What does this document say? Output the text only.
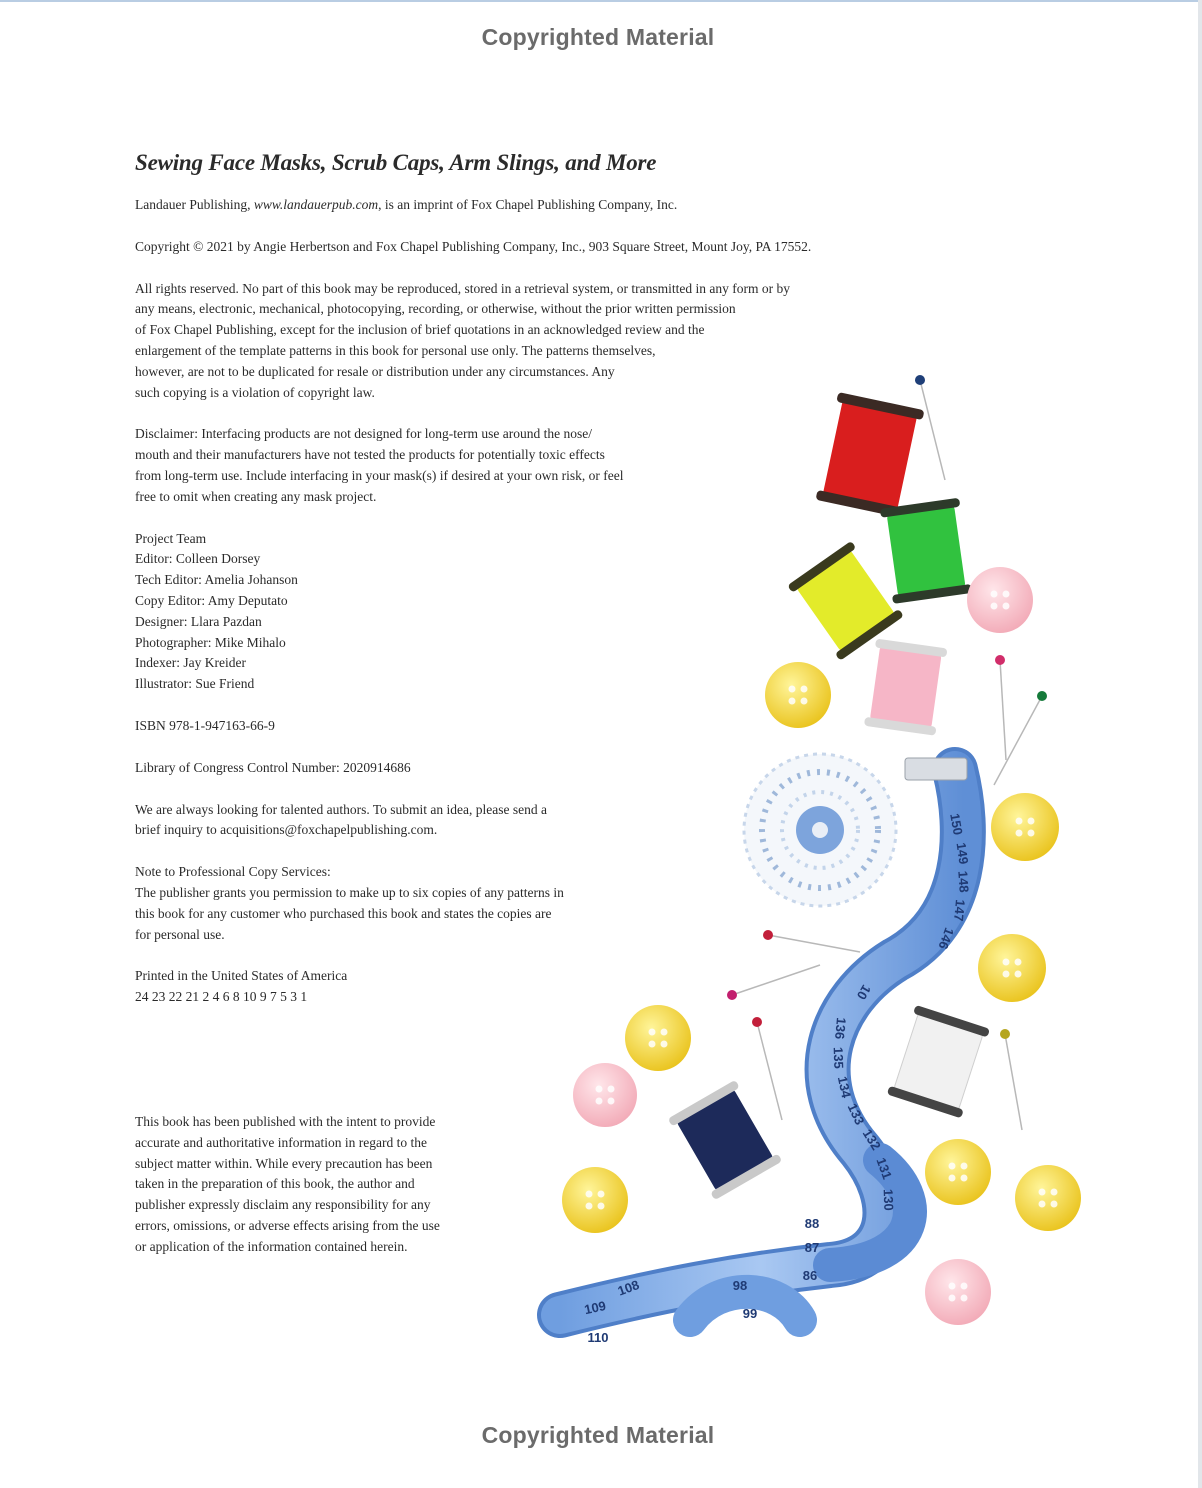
Copyrighted Material
Sewing Face Masks, Scrub Caps, Arm Slings, and More
Landauer Publishing, www.landauerpub.com, is an imprint of Fox Chapel Publishing Company, Inc.
Copyright © 2021 by Angie Herbertson and Fox Chapel Publishing Company, Inc., 903 Square Street, Mount Joy, PA 17552.
All rights reserved. No part of this book may be reproduced, stored in a retrieval system, or transmitted in any form or by
any means, electronic, mechanical, photocopying, recording, or otherwise, without the prior written permission
of Fox Chapel Publishing, except for the inclusion of brief quotations in an acknowledged review and the
enlargement of the template patterns in this book for personal use only. The patterns themselves,
however, are not to be duplicated for resale or distribution under any circumstances. Any
such copying is a violation of copyright law.
Disclaimer: Interfacing products are not designed for long-term use around the nose/
mouth and their manufacturers have not tested the products for potentially toxic effects
from long-term use. Include interfacing in your mask(s) if desired at your own risk, or feel
free to omit when creating any mask project.
Project Team
Editor: Colleen Dorsey
Tech Editor: Amelia Johanson
Copy Editor: Amy Deputato
Designer: Llara Pazdan
Photographer: Mike Mihalo
Indexer: Jay Kreider
Illustrator: Sue Friend
ISBN 978-1-947163-66-9
Library of Congress Control Number: 2020914686
We are always looking for talented authors. To submit an idea, please send a
brief inquiry to acquisitions@foxchapelpublishing.com.
Note to Professional Copy Services:
The publisher grants you permission to make up to six copies of any patterns in
this book for any customer who purchased this book and states the copies are
for personal use.
Printed in the United States of America
24 23 22 21 2 4 6 8 10 9 7 5 3 1
This book has been published with the intent to provide
accurate and authoritative information in regard to the
subject matter within. While every precaution has been
taken in the preparation of this book, the author and
publisher expressly disclaim any responsibility for any
errors, omissions, or adverse effects arising from the use
or application of the information contained herein.
150
149
148
147
146
10
136
135
134
133
132
131
130
88
87
86
98
99
108
109
110
Copyrighted Material
